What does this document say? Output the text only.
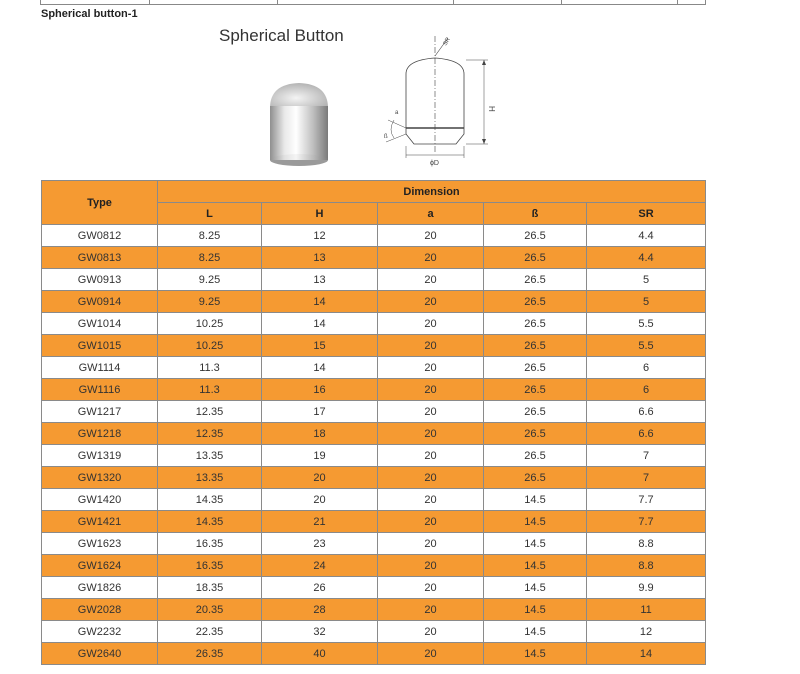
Spherical button-1
Spherical Button
H
ϕD
SR
a
ß
Type	Dimension				
	L	H	a	ß	SR
GW0812	8.25	12	20	26.5	4.4
GW0813	8.25	13	20	26.5	4.4
GW0913	9.25	13	20	26.5	5
GW0914	9.25	14	20	26.5	5
GW1014	10.25	14	20	26.5	5.5
GW1015	10.25	15	20	26.5	5.5
GW1114	11.3	14	20	26.5	6
GW1116	11.3	16	20	26.5	6
GW1217	12.35	17	20	26.5	6.6
GW1218	12.35	18	20	26.5	6.6
GW1319	13.35	19	20	26.5	7
GW1320	13.35	20	20	26.5	7
GW1420	14.35	20	20	14.5	7.7
GW1421	14.35	21	20	14.5	7.7
GW1623	16.35	23	20	14.5	8.8
GW1624	16.35	24	20	14.5	8.8
GW1826	18.35	26	20	14.5	9.9
GW2028	20.35	28	20	14.5	11
GW2232	22.35	32	20	14.5	12
GW2640	26.35	40	20	14.5	14
